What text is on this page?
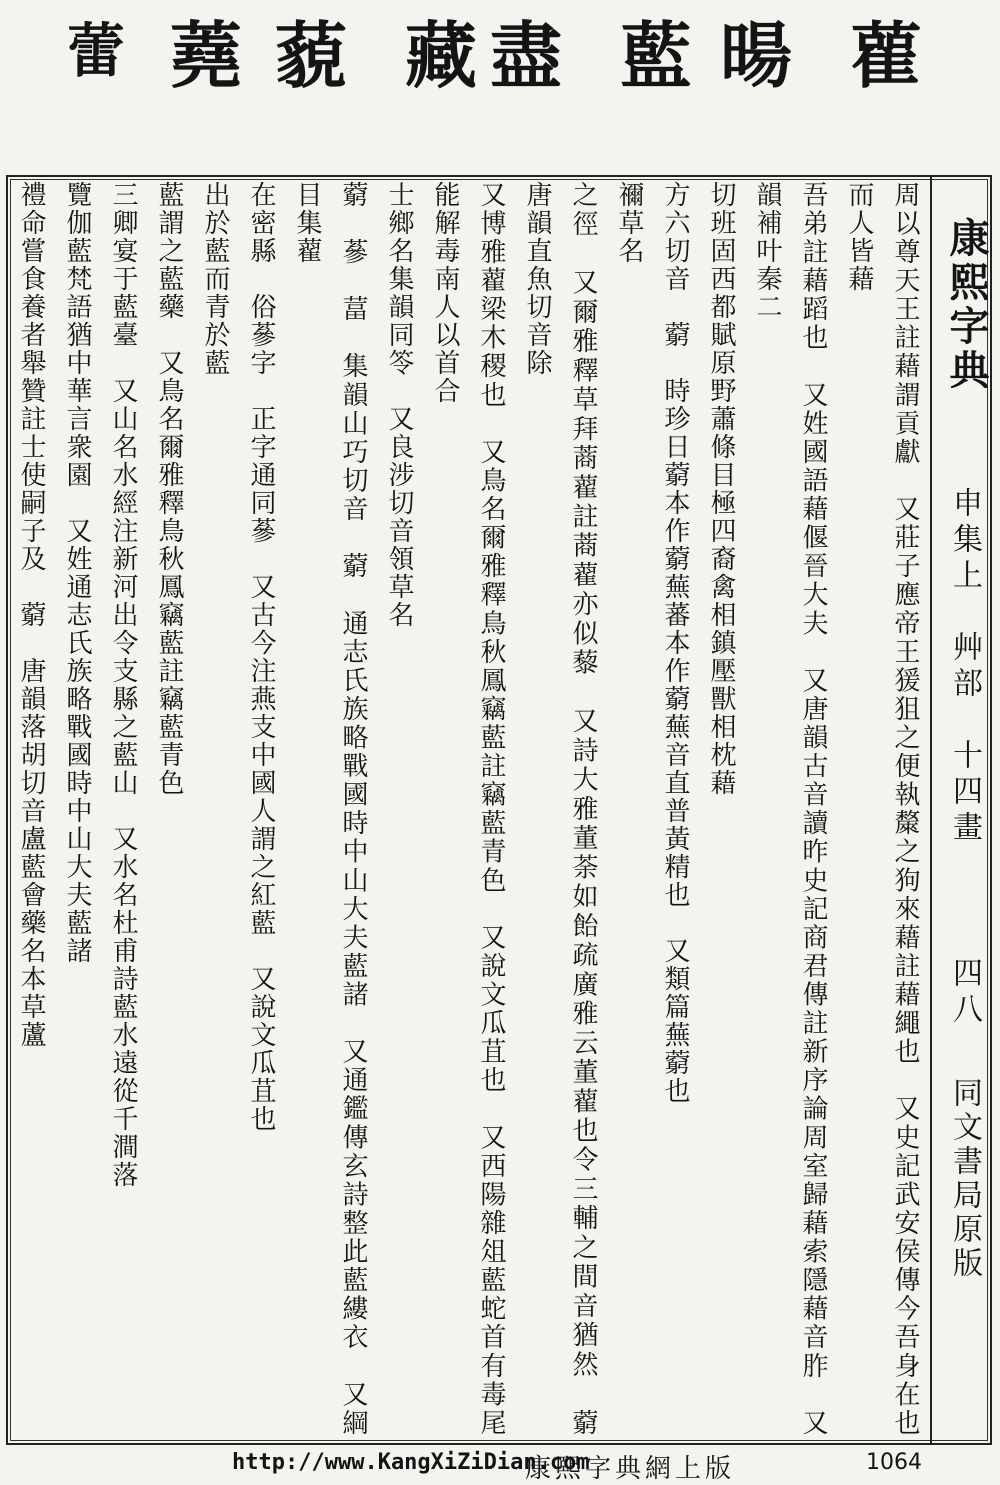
蕾 蕘 藐 藏 盡 藍 暘 雚
周以尊天王註藉謂貢獻　又莊子應帝王猨狙之便執斄之狗來藉註藉繩也　又史記武安侯傳今吾身在也而人皆藉
吾弟註藉蹈也　又姓國語藉偃晉大夫　又唐韻古音讀昨史記商君傳註新序論周室歸藉索隱藉音胙　又韻補叶秦二
切班固西都賦原野蕭條目極四裔禽相鎮壓獸相枕藉
方六切音　藭　時珍日藭本作藭蕪蕃本作藭蕪音直普黃精也　又類篇蕪藭也
禰草名
之徑　又爾雅釋草拜蔏藋註蔏藋亦似藜　又詩大雅董荼如飴疏廣雅云董藋也令三輔之間音猶然　藭　唐韻直魚切音除
又博雅藋梁木稷也　又鳥名爾雅釋鳥秋鳳竊藍註竊藍青色　又說文瓜苴也　又西陽雜俎藍蛇首有毒尾能解毒南人以首合
士鄉名集韻同笭　又良涉切音領草名
藭　蔘　葍　集韻山巧切音　藭　通志氏族略戰國時中山大夫藍諸　又通鑑傳玄詩整此藍縷衣　又綱目集藋
在密縣　俗蔘字　正字通同蔘　又古今注燕支中國人謂之紅藍　又說文瓜苴也
出於藍而青於藍
藍謂之藍藥　又鳥名爾雅釋鳥秋鳳竊藍註竊藍青色
三卿宴于藍臺　又山名水經注新河出令支縣之藍山　又水名杜甫詩藍水遠從千澗落
覽伽藍梵語猶中華言衆園　又姓通志氏族略戰國時中山大夫藍諸
禮命嘗食養者舉贊註士使嗣子及　藭　唐韻落胡切音盧藍會藥名本草蘆	康熙字典
申集上　艸部　十四畫
四八
同文書局原版
http://www.KangXiZiDian.com
康熙字典網上版	1064
